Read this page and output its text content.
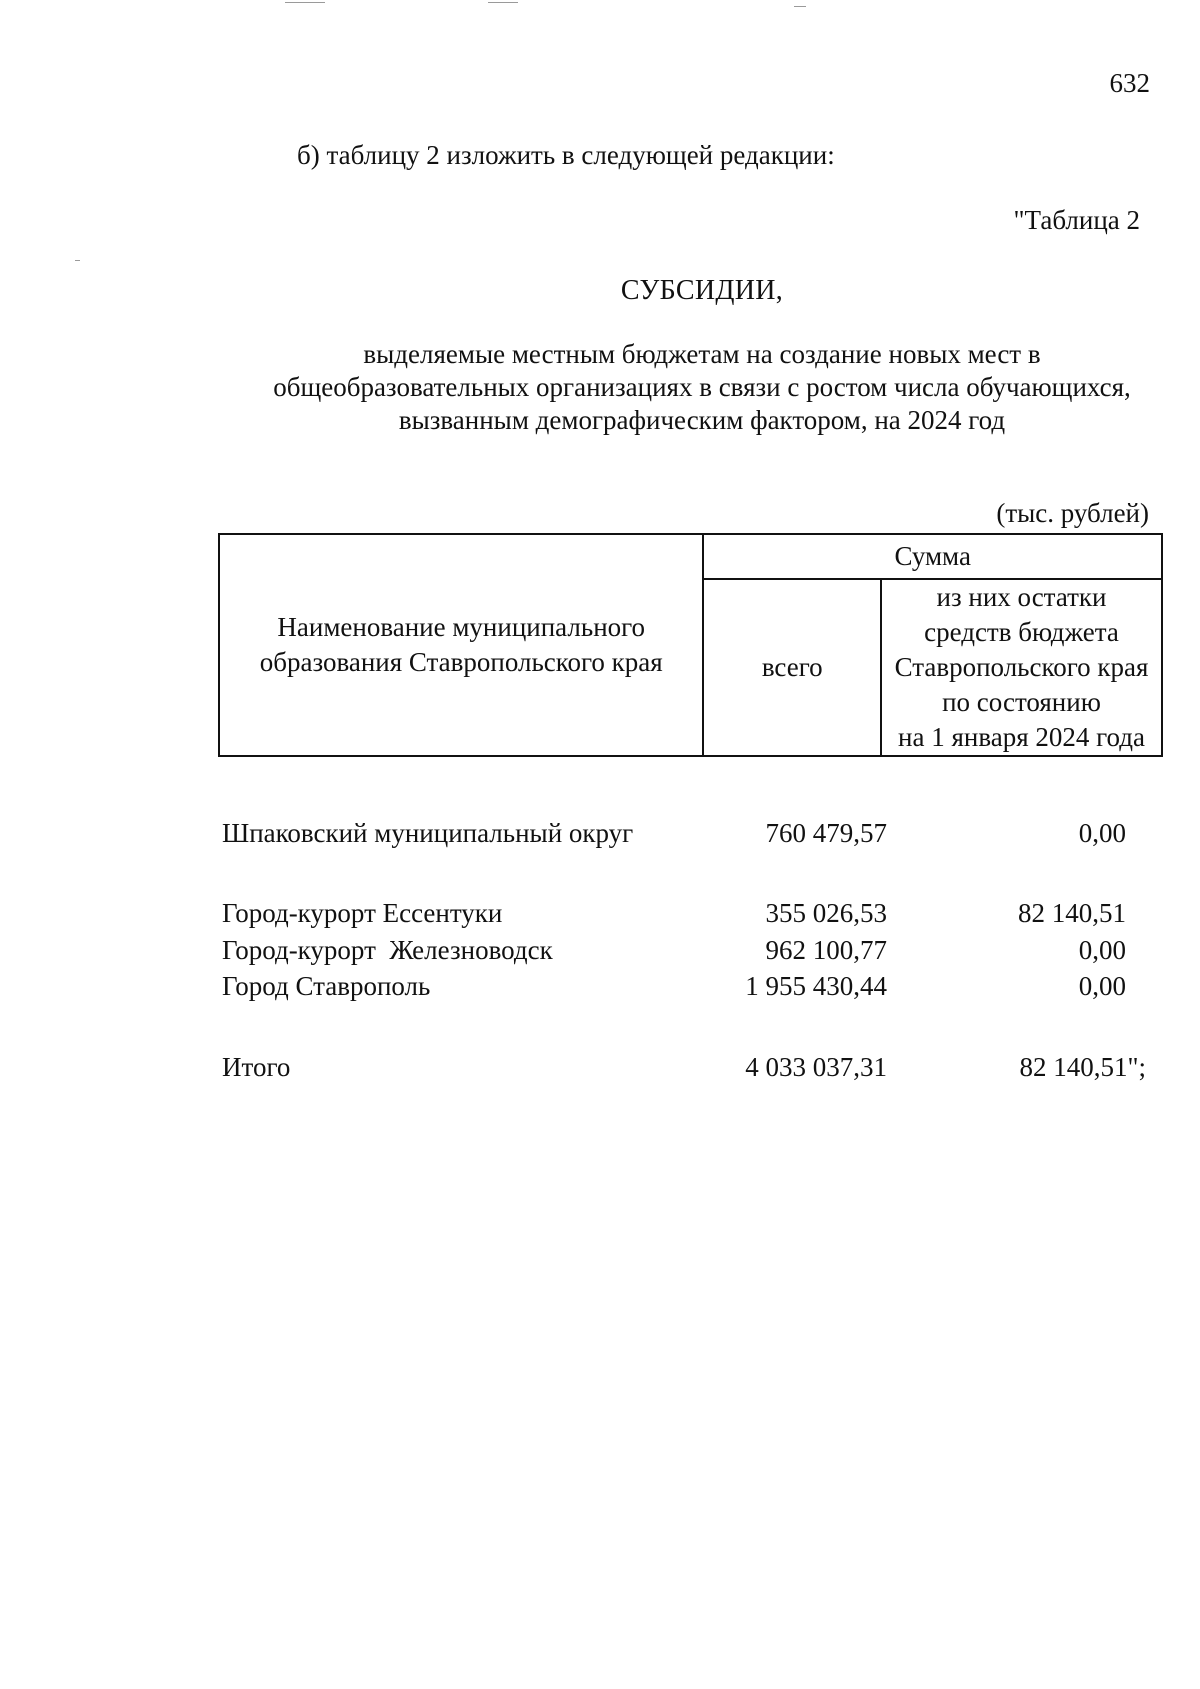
632
б) таблицу 2 изложить в следующей редакции:
"Таблица 2
СУБСИДИИ,
выделяемые местным бюджетам на создание новых мест в
общеобразовательных организациях в связи с ростом числа обучающихся,
вызванным демографическим фактором, на 2024 год
(тыс. рублей)
Наименование муниципального
образования Ставропольского края	Сумма	
	всего	из них остатки
средств бюджета
Ставропольского края
по состоянию
на 1 января 2024 года
Шпаковский муниципальный округ	760 479,57	0,00
Город-курорт Ессентуки	355 026,53	82 140,51
Город-курорт  Железноводск	962 100,77	0,00
Город Ставрополь	1 955 430,44	0,00
Итого	4 033 037,31	82 140,51";
